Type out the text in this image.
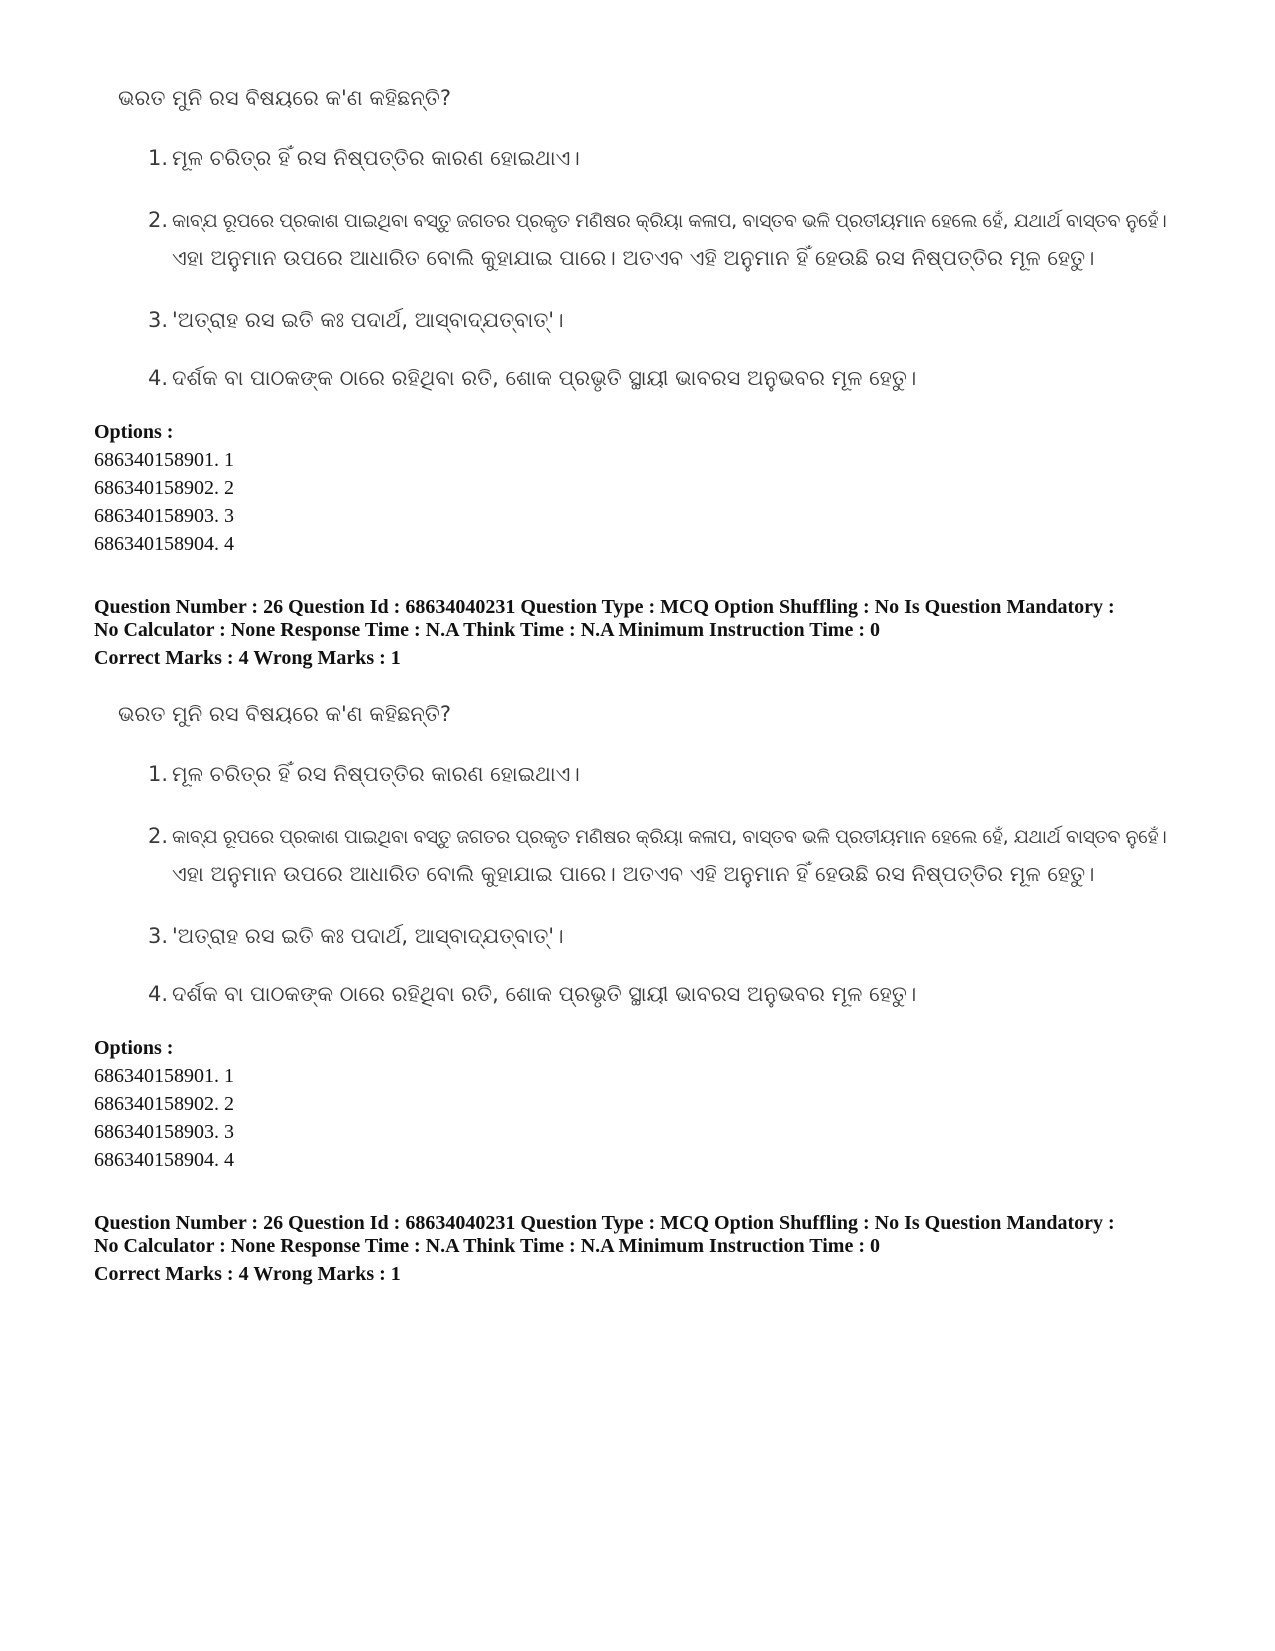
ଭରତ ମୁନି ରସ ବିଷୟରେ କ'ଣ କହିଛନ୍ତି?
1. ମୂଳ ଚରିତ୍ର ହିଁ ରସ ନିଷ୍ପତ୍ତିର କାରଣ ହୋଇଥାଏ।
2. କାବ୍ଯ ରୂପରେ ପ୍ରକାଶ ପାଇଥିବା ବସ୍ତୁ ଜଗତର ପ୍ରକୃତ ମଣିଷର କ୍ରିୟା କଳାପ, ବାସ୍ତବ ଭଳି ପ୍ରତୀୟମାନ ହେଲେ ହେଁ, ଯଥାର୍ଥ ବାସ୍ତବ ନୁହେଁ।
ଏହା ଅନୁମାନ ଉପରେ ଆଧାରିତ ବୋଲି କୁହାଯାଇ ପାରେ। ଅତଏବ ଏହି ଅନୁମାନ ହିଁ ହେଉଛି ରସ ନିଷ୍ପତ୍ତିର ମୂଳ ହେତୁ।
3. 'ଅତ୍ରାହ ରସ ଇତି କଃ ପଦାର୍ଥ, ଆସ୍ବାଦ୍ଯତ୍ବାତ୍'।
4. ଦର୍ଶକ ବା ପାଠକଙ୍କ ଠାରେ ରହିଥିବା ରତି, ଶୋକ ପ୍ରଭୃତି ସ୍ଥାୟୀ ଭାବରସ ଅନୁଭବର ମୂଳ ହେତୁ।
Options :
686340158901. 1
686340158902. 2
686340158903. 3
686340158904. 4
Question Number : 26 Question Id : 68634040231 Question Type : MCQ Option Shuffling : No Is Question Mandatory :
No Calculator : None Response Time : N.A Think Time : N.A Minimum Instruction Time : 0
Correct Marks : 4 Wrong Marks : 1
ଭରତ ମୁନି ରସ ବିଷୟରେ କ'ଣ କହିଛନ୍ତି?
1. ମୂଳ ଚରିତ୍ର ହିଁ ରସ ନିଷ୍ପତ୍ତିର କାରଣ ହୋଇଥାଏ।
2. କାବ୍ଯ ରୂପରେ ପ୍ରକାଶ ପାଇଥିବା ବସ୍ତୁ ଜଗତର ପ୍ରକୃତ ମଣିଷର କ୍ରିୟା କଳାପ, ବାସ୍ତବ ଭଳି ପ୍ରତୀୟମାନ ହେଲେ ହେଁ, ଯଥାର୍ଥ ବାସ୍ତବ ନୁହେଁ।
ଏହା ଅନୁମାନ ଉପରେ ଆଧାରିତ ବୋଲି କୁହାଯାଇ ପାରେ। ଅତଏବ ଏହି ଅନୁମାନ ହିଁ ହେଉଛି ରସ ନିଷ୍ପତ୍ତିର ମୂଳ ହେତୁ।
3. 'ଅତ୍ରାହ ରସ ଇତି କଃ ପଦାର୍ଥ, ଆସ୍ବାଦ୍ଯତ୍ବାତ୍'।
4. ଦର୍ଶକ ବା ପାଠକଙ୍କ ଠାରେ ରହିଥିବା ରତି, ଶୋକ ପ୍ରଭୃତି ସ୍ଥାୟୀ ଭାବରସ ଅନୁଭବର ମୂଳ ହେତୁ।
Options :
686340158901. 1
686340158902. 2
686340158903. 3
686340158904. 4
Question Number : 26 Question Id : 68634040231 Question Type : MCQ Option Shuffling : No Is Question Mandatory :
No Calculator : None Response Time : N.A Think Time : N.A Minimum Instruction Time : 0
Correct Marks : 4 Wrong Marks : 1
